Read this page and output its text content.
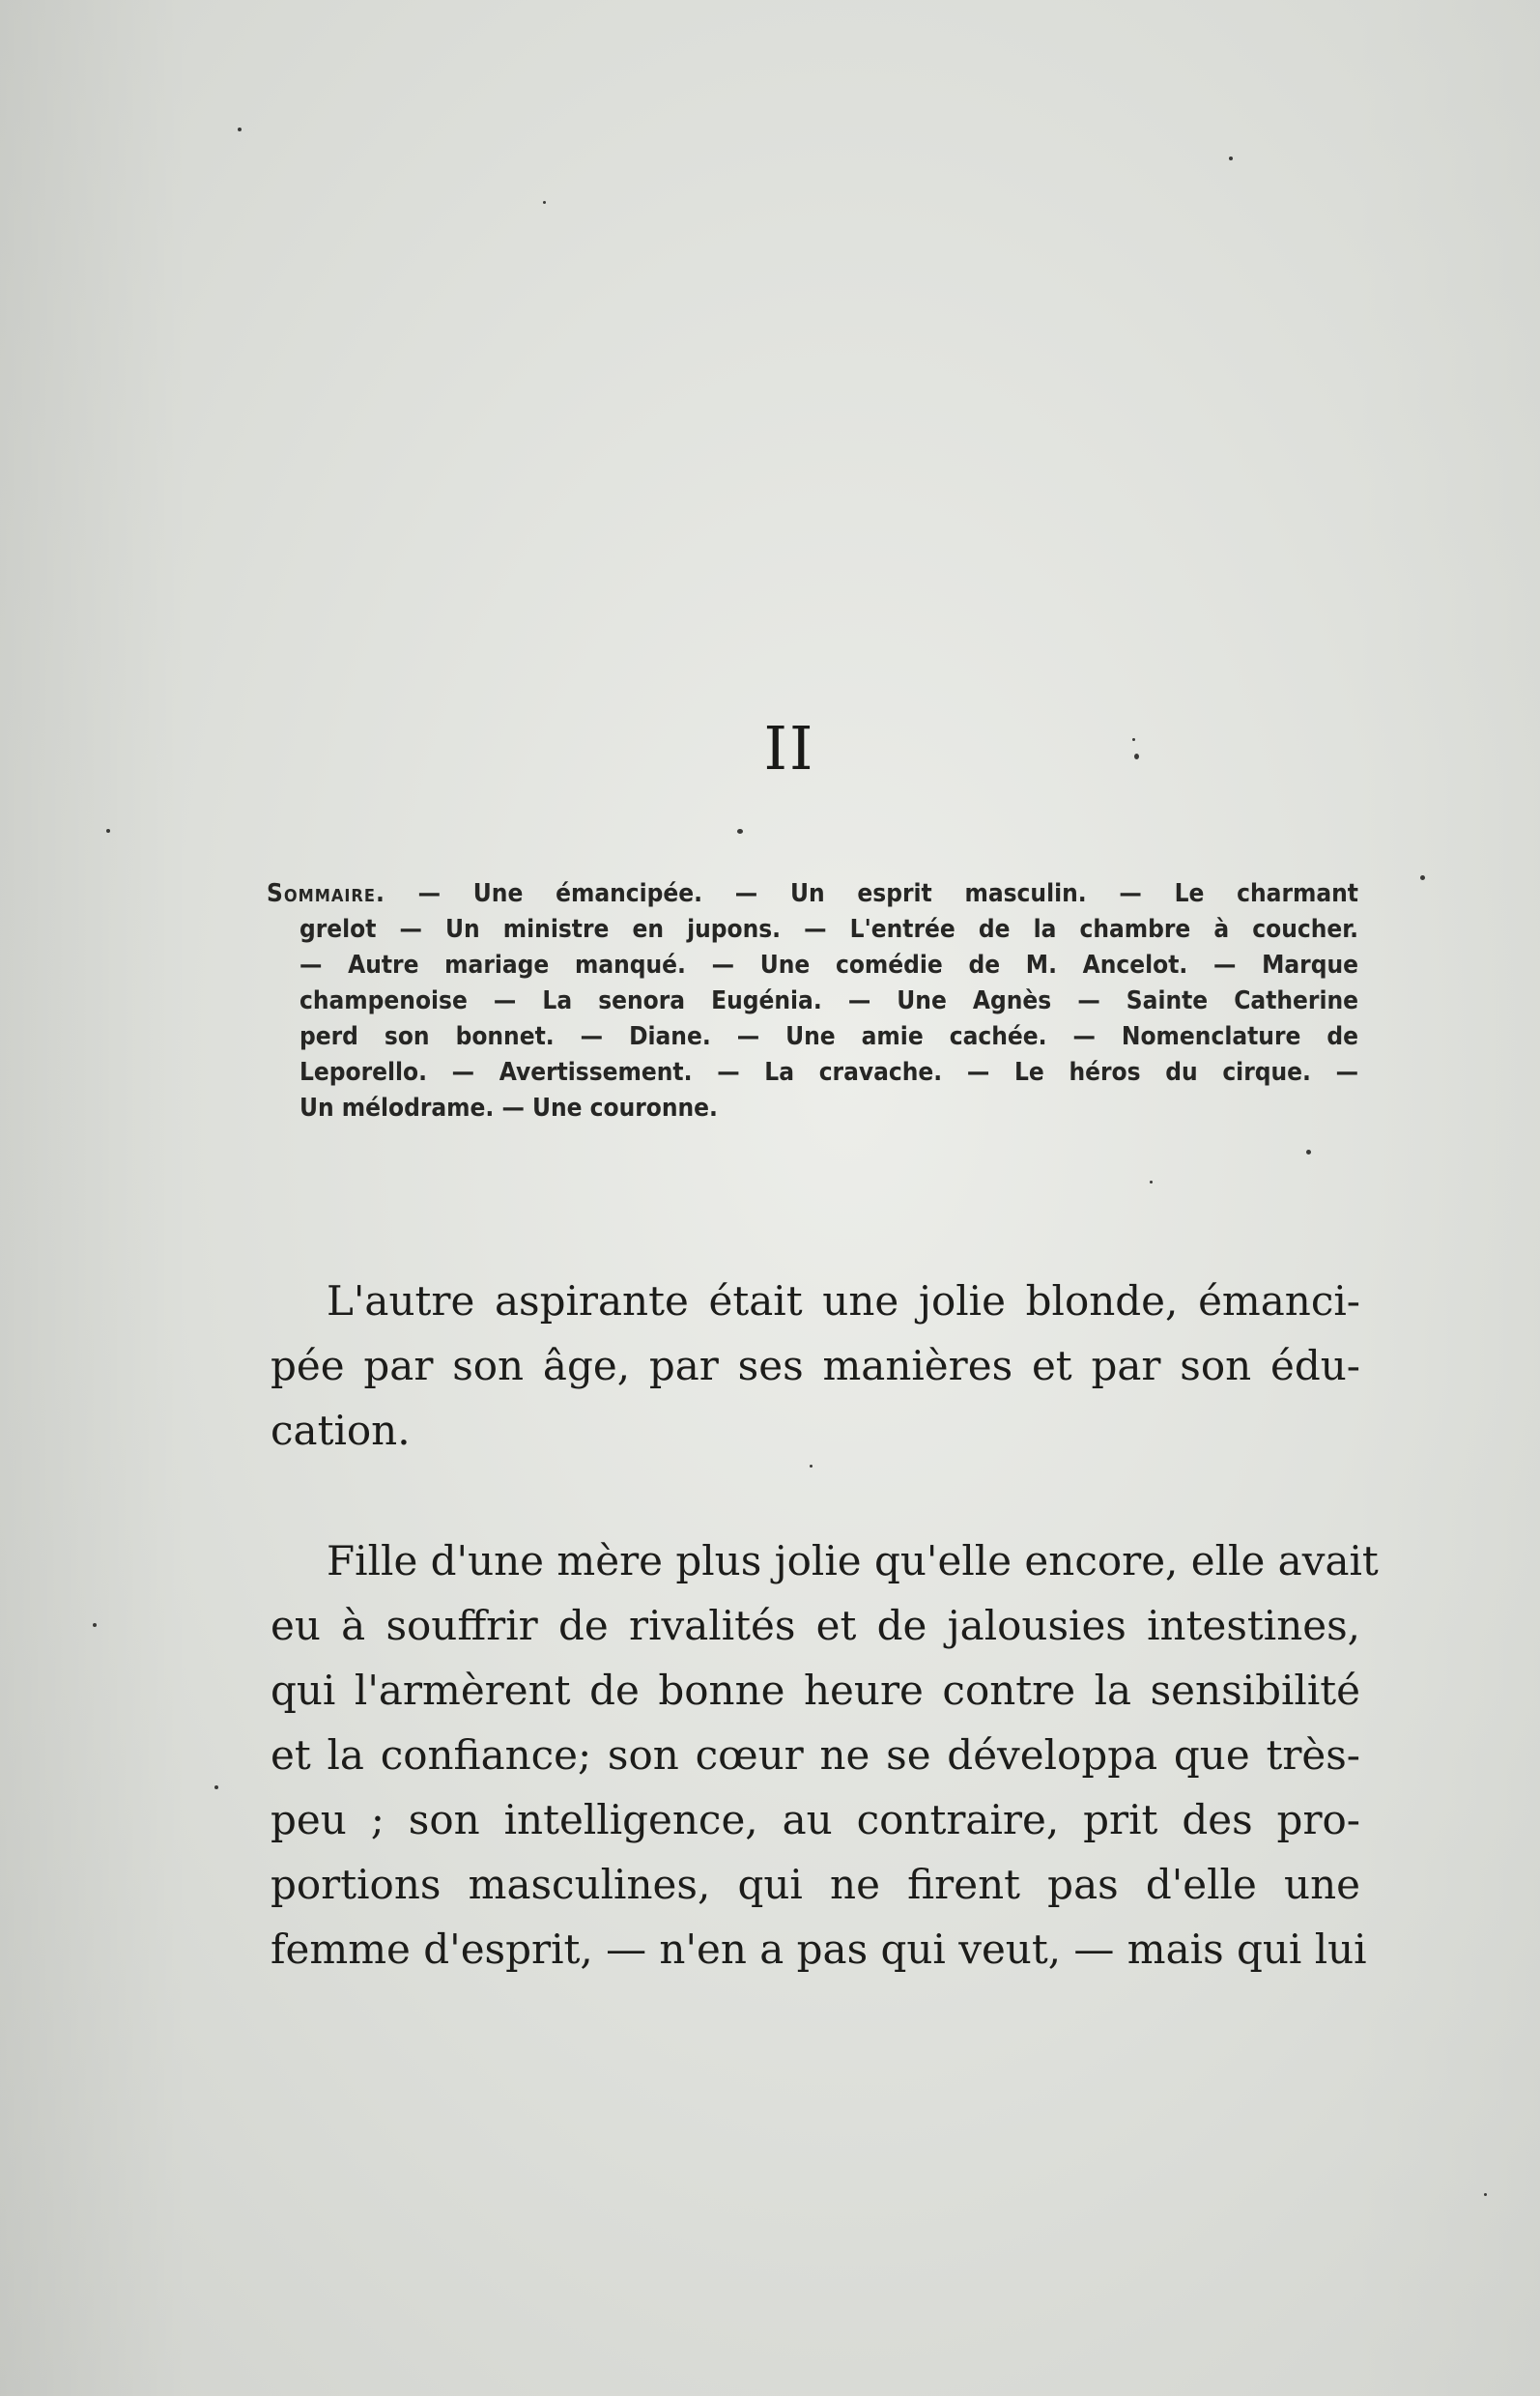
II
Sommaire. — Une émancipée. — Un esprit masculin. — Le charmant
grelot — Un ministre en jupons. — L'entrée de la chambre à coucher.
— Autre mariage manqué. — Une comédie de M. Ancelot. — Marque
champenoise — La senora Eugénia. — Une Agnès — Sainte Catherine
perd son bonnet. — Diane. — Une amie cachée. — Nomenclature de
Leporello. — Avertissement. — La cravache. — Le héros du cirque. —
Un mélodrame. — Une couronne.
L'autre aspirante était une jolie blonde, émanci-
pée par son âge, par ses manières et par son édu-
cation.
Fille d'une mère plus jolie qu'elle encore, elle avait
eu à souffrir de rivalités et de jalousies intestines,
qui l'armèrent de bonne heure contre la sensibilité
et la confiance; son cœur ne se développa que très-
peu ; son intelligence, au contraire, prit des pro-
portions masculines, qui ne firent pas d'elle une
femme d'esprit, — n'en a pas qui veut, — mais qui lui
